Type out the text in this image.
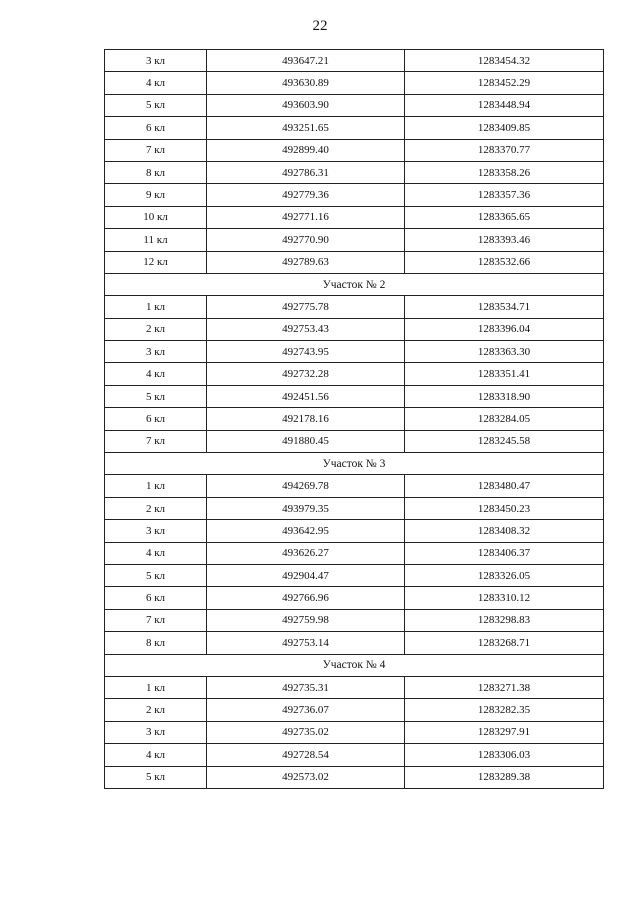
22
3 кл	493647.21	1283454.32
4 кл	493630.89	1283452.29
5 кл	493603.90	1283448.94
6 кл	493251.65	1283409.85
7 кл	492899.40	1283370.77
8 кл	492786.31	1283358.26
9 кл	492779.36	1283357.36
10 кл	492771.16	1283365.65
11 кл	492770.90	1283393.46
12 кл	492789.63	1283532.66
Участок № 2		
1 кл	492775.78	1283534.71
2 кл	492753.43	1283396.04
3 кл	492743.95	1283363.30
4 кл	492732.28	1283351.41
5 кл	492451.56	1283318.90
6 кл	492178.16	1283284.05
7 кл	491880.45	1283245.58
Участок № 3		
1 кл	494269.78	1283480.47
2 кл	493979.35	1283450.23
3 кл	493642.95	1283408.32
4 кл	493626.27	1283406.37
5 кл	492904.47	1283326.05
6 кл	492766.96	1283310.12
7 кл	492759.98	1283298.83
8 кл	492753.14	1283268.71
Участок № 4		
1 кл	492735.31	1283271.38
2 кл	492736.07	1283282.35
3 кл	492735.02	1283297.91
4 кл	492728.54	1283306.03
5 кл	492573.02	1283289.38
